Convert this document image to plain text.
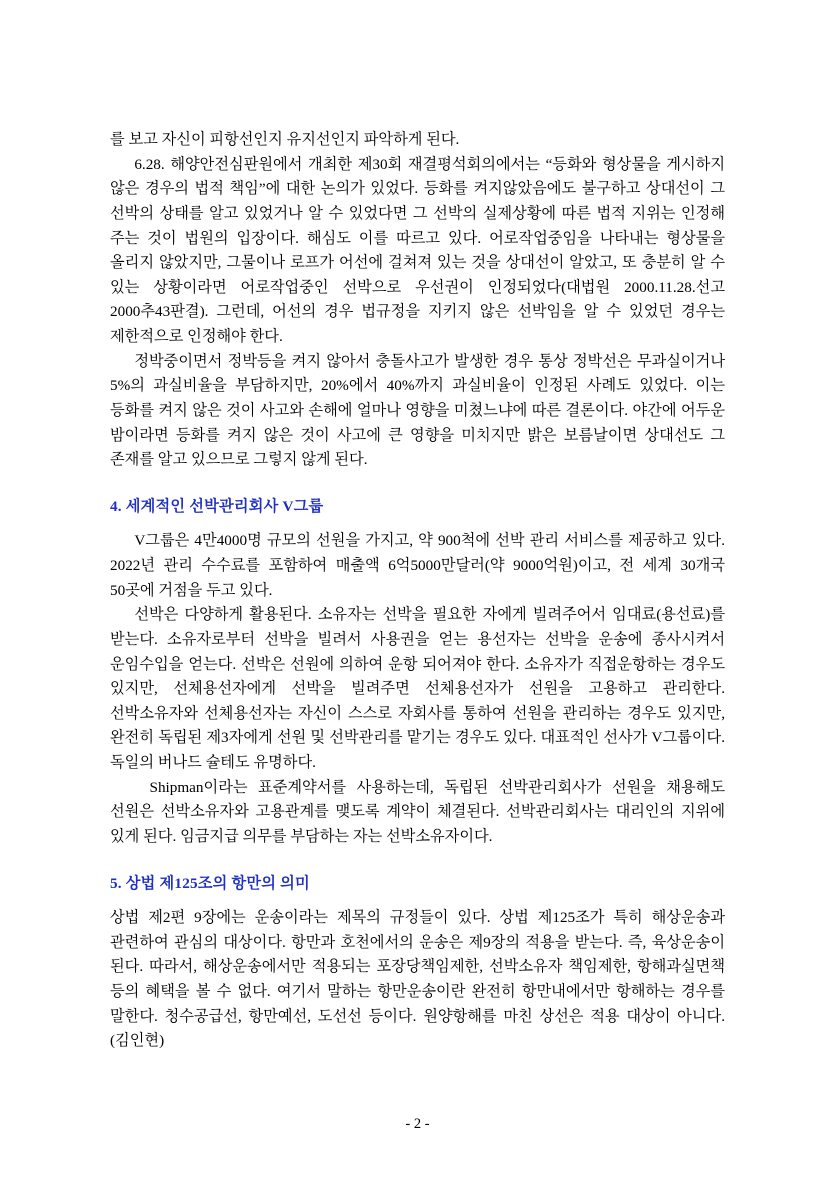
를 보고 자신이 피항선인지 유지선인지 파악하게 된다.

6.28. 해양안전심판원에서 개최한 제30회 재결평석회의에서는 “등화와 형상물을 게시하지 않은 경우의 법적 책임”에 대한 논의가 있었다. 등화를 켜지않았음에도 불구하고 상대선이 그 선박의 상태를 알고 있었거나 알 수 있었다면 그 선박의 실제상황에 따른 법적 지위는 인정해 주는 것이 법원의 입장이다. 해심도 이를 따르고 있다. 어로작업중임을 나타내는 형상물을 올리지 않았지만, 그물이나 로프가 어선에 걸쳐져 있는 것을 상대선이 알았고, 또 충분히 알 수 있는 상황이라면 어로작업중인 선박으로 우선권이 인정되었다(대법원 2000.11.28.선고 2000추43판결). 그런데, 어선의 경우 법규정을 지키지 않은 선박임을 알 수 있었던 경우는 제한적으로 인정해야 한다.

정박중이면서 정박등을 켜지 않아서 충돌사고가 발생한 경우 통상 정박선은 무과실이거나 5%의 과실비율을 부담하지만, 20%에서 40%까지 과실비율이 인정된 사례도 있었다. 이는 등화를 켜지 않은 것이 사고와 손해에 얼마나 영향을 미쳤느냐에 따른 결론이다. 야간에 어두운 밤이라면 등화를 켜지 않은 것이 사고에 큰 영향을 미치지만 밝은 보름날이면 상대선도 그 존재를 알고 있으므로 그렇지 않게 된다.

4. 세계적인 선박관리회사 V그룹

V그룹은 4만4000명 규모의 선원을 가지고, 약 900척에 선박 관리 서비스를 제공하고 있다. 2022년 관리 수수료를 포함하여 매출액 6억5000만달러(약 9000억원)이고, 전 세계 30개국 50곳에 거점을 두고 있다.

선박은 다양하게 활용된다. 소유자는 선박을 필요한 자에게 빌려주어서 임대료(용선료)를 받는다. 소유자로부터 선박을 빌려서 사용권을 얻는 용선자는 선박을 운송에 종사시켜서 운임수입을 얻는다. 선박은 선원에 의하여 운항 되어져야 한다. 소유자가 직접운항하는 경우도 있지만, 선체용선자에게 선박을 빌려주면 선체용선자가 선원을 고용하고 관리한다. 선박소유자와 선체용선자는 자신이 스스로 자회사를 통하여 선원을 관리하는 경우도 있지만, 완전히 독립된 제3자에게 선원 및 선박관리를 맡기는 경우도 있다. 대표적인 선사가 V그룹이다. 독일의 버나드 슐테도 유명하다.

Shipman이라는 표준계약서를 사용하는데, 독립된 선박관리회사가 선원을 채용해도 선원은 선박소유자와 고용관계를 맺도록 계약이 체결된다. 선박관리회사는 대리인의 지위에 있게 된다. 임금지급 의무를 부담하는 자는 선박소유자이다.

5. 상법 제125조의 항만의 의미

상법 제2편 9장에는 운송이라는 제목의 규정들이 있다. 상법 제125조가 특히 해상운송과 관련하여 관심의 대상이다. 항만과 호천에서의 운송은 제9장의 적용을 받는다. 즉, 육상운송이 된다. 따라서, 해상운송에서만 적용되는 포장당책임제한, 선박소유자 책임제한, 항해과실면책 등의 혜택을 볼 수 없다. 여기서 말하는 항만운송이란 완전히 항만내에서만 항해하는 경우를 말한다. 청수공급선, 항만예선, 도선선 등이다. 원양항해를 마친 상선은 적용 대상이 아니다. (김인현)

- 2 -
